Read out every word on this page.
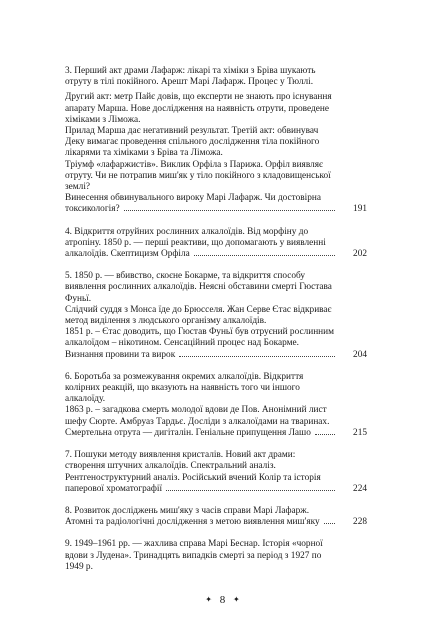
3. Перший акт драми Лафарж: лікарі та хіміки з Бріва шукають
отруту в тілі покійного. Арешт Марі Лафарж. Процес у Тюллі.
Другий акт: метр Пайє довів, що експерти не знають про існування
апарату Марша. Нове дослідження на наявність отрути, проведене
хіміками з Ліможа.
Прилад Марша дає негативний результат. Третій акт: обвинувач
Деку вимагає проведення спільного дослідження тіла покійного
лікарями та хіміками з Бріва та Ліможа.
Тріумф «лафаржистів». Виклик Орфіла з Парижа. Орфіл виявляє
отруту. Чи не потрапив миш'як у тіло покійного з кладовищенської
землі?
Винесення обвинувального вироку Марі Лафарж. Чи достовірна
токсикологія?	191
4. Відкриття отруйних рослинних алкалоїдів. Від морфіну до
атропіну. 1850 р. — перші реактиви, що допомагають у виявленні
алкалоїдів. Скептицизм Орфіла	202
5. 1850 р. — вбивство, скоєне Бокарме, та відкриття способу
виявлення рослинних алкалоїдів. Неясні обставини смерті Гюстава
Фуньї.
Слідчий суддя з Монса їде до Брюсселя. Жан Серве Єтас відкриває
метод виділення з людського організму алкалоїдів.
1851 р. – Єтас доводить, що Гюстав Фуньї був отруєний рослинним
алкалоїдом – нікотином. Сенсаційний процес над Бокарме.
Визнання провини та вирок	204
6. Боротьба за розмежування окремих алкалоїдів. Відкриття
колірних реакцій, що вказують на наявність того чи іншого
алкалоїду.
1863 р. – загадкова смерть молодої вдови де Пов. Анонімний лист
шефу Сюрте. Амбруаз Тардьє. Досліди з алкалоїдами на тваринах.
Смертельна отрута — дигіталін. Геніальне припущення Лашо	215
7. Пошуки методу виявлення кристалів. Новий акт драми:
створення штучних алкалоїдів. Спектральний аналіз.
Рентгеноструктурний аналіз. Російський вчений Колір та історія
паперової хроматографії	224
8. Розвиток досліджень миш'яку з часів справи Марі Лафарж.
Атомні та радіологічні дослідження з метою виявлення миш'яку	228
9. 1949–1961 рр. — жахлива справа Марі Беснар. Історія «чорної
вдови з Лудена». Тринадцять випадків смерті за період з 1927 по
1949 р.
✦ 8 ✦
